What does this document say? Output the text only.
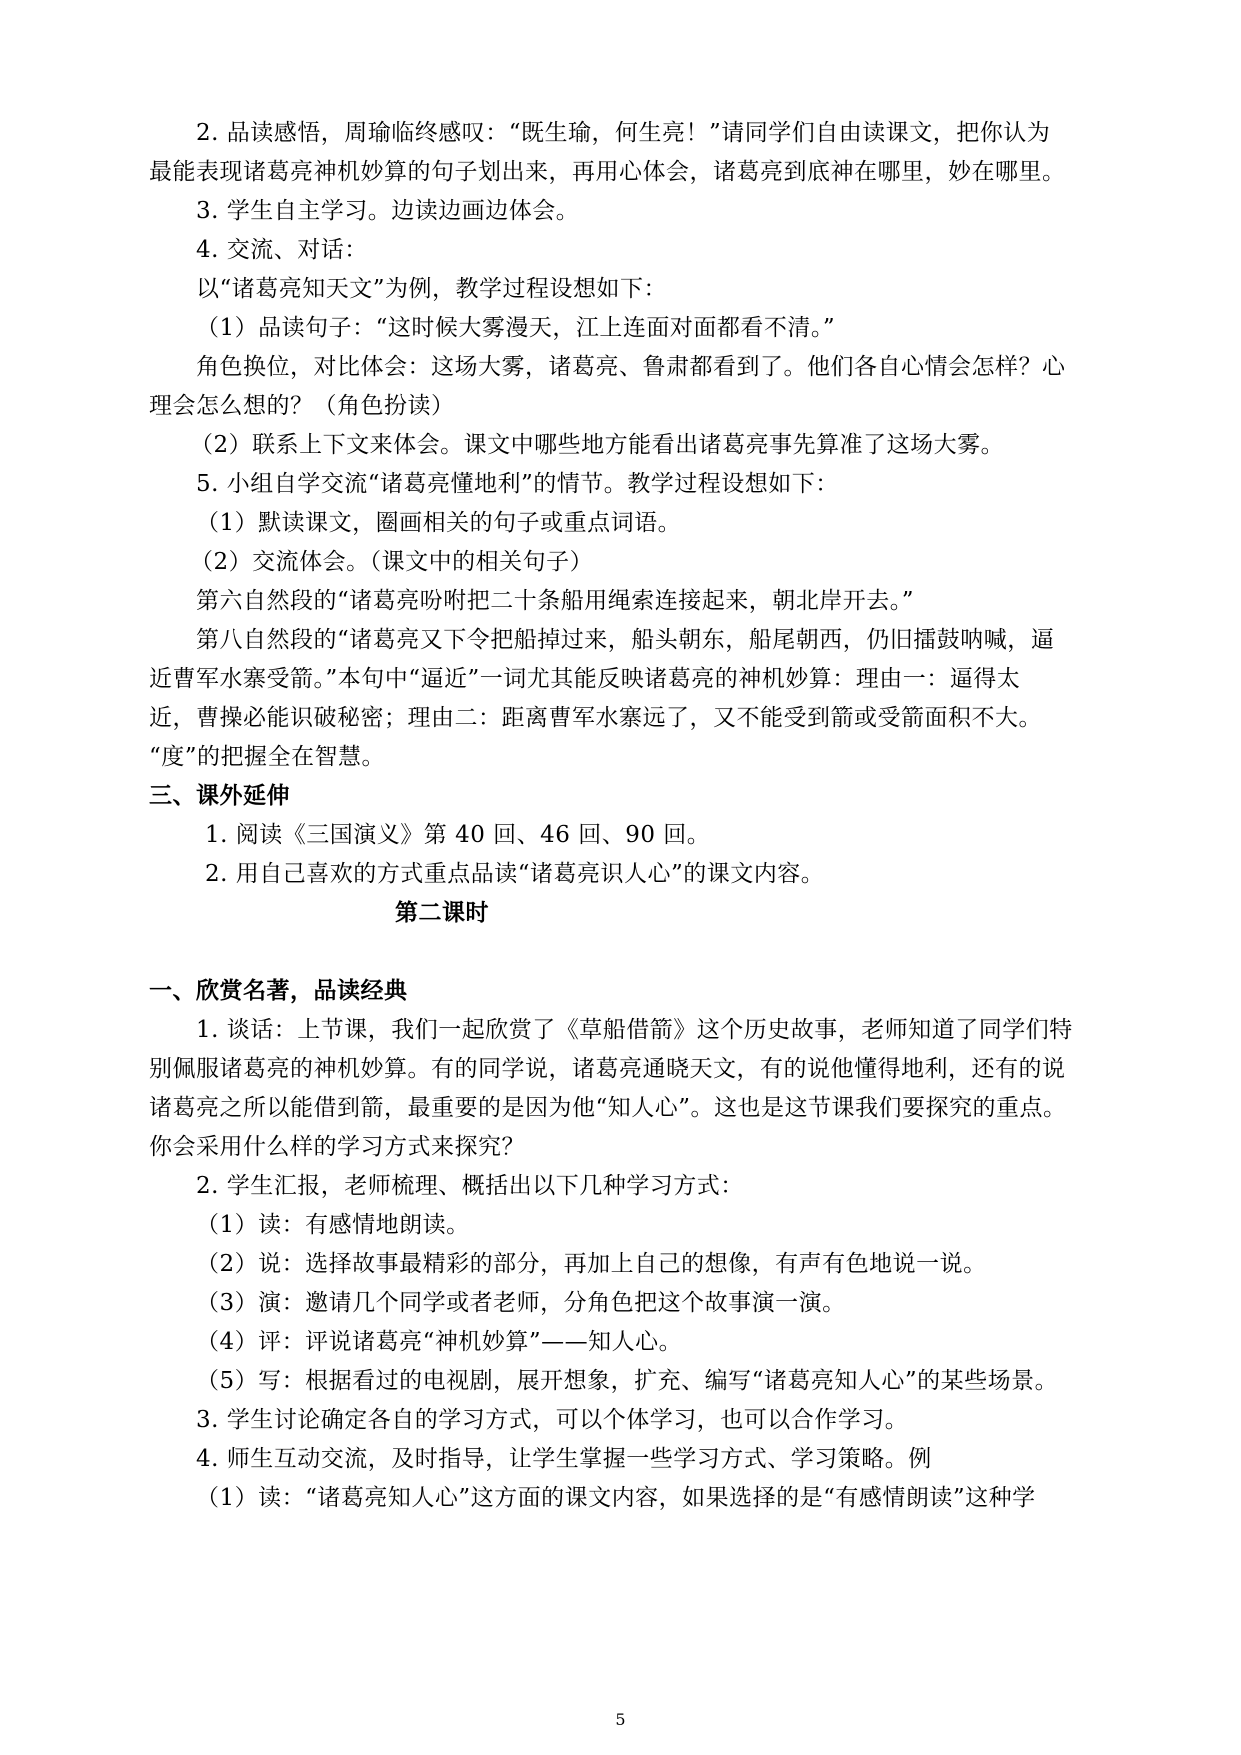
2. 品读感悟，周瑜临终感叹：“既生瑜，何生亮！”请同学们自由读课文，把你认为
最能表现诸葛亮神机妙算的句子划出来，再用心体会，诸葛亮到底神在哪里，妙在哪里。
3. 学生自主学习。边读边画边体会。
4. 交流、对话：
以“诸葛亮知天文”为例，教学过程设想如下：
（1）品读句子：“这时候大雾漫天，江上连面对面都看不清。”
角色换位，对比体会：这场大雾，诸葛亮、鲁肃都看到了。他们各自心情会怎样？心
理会怎么想的？（角色扮读）
（2）联系上下文来体会。课文中哪些地方能看出诸葛亮事先算准了这场大雾。
5. 小组自学交流“诸葛亮懂地利”的情节。教学过程设想如下：
（1）默读课文，圈画相关的句子或重点词语。
（2）交流体会。（课文中的相关句子）
第六自然段的“诸葛亮吩咐把二十条船用绳索连接起来，朝北岸开去。”
第八自然段的“诸葛亮又下令把船掉过来，船头朝东，船尾朝西，仍旧擂鼓呐喊，逼
近曹军水寨受箭。”本句中“逼近”一词尤其能反映诸葛亮的神机妙算：理由一：逼得太
近，曹操必能识破秘密；理由二：距离曹军水寨远了，又不能受到箭或受箭面积不大。
“度”的把握全在智慧。
三、课外延伸
1. 阅读《三国演义》第 40 回、46 回、90 回。
2. 用自己喜欢的方式重点品读“诸葛亮识人心”的课文内容。
第二课时
一、欣赏名著，品读经典
1. 谈话：上节课，我们一起欣赏了《草船借箭》这个历史故事，老师知道了同学们特
别佩服诸葛亮的神机妙算。有的同学说，诸葛亮通晓天文，有的说他懂得地利，还有的说
诸葛亮之所以能借到箭，最重要的是因为他“知人心”。这也是这节课我们要探究的重点。
你会采用什么样的学习方式来探究？
2. 学生汇报，老师梳理、概括出以下几种学习方式：
（1）读：有感情地朗读。
（2）说：选择故事最精彩的部分，再加上自己的想像，有声有色地说一说。
（3）演：邀请几个同学或者老师，分角色把这个故事演一演。
（4）评：评说诸葛亮“神机妙算”——知人心。
（5）写：根据看过的电视剧，展开想象，扩充、编写“诸葛亮知人心”的某些场景。
3. 学生讨论确定各自的学习方式，可以个体学习，也可以合作学习。
4. 师生互动交流，及时指导，让学生掌握一些学习方式、学习策略。例
（1）读：“诸葛亮知人心”这方面的课文内容，如果选择的是“有感情朗读”这种学
5
